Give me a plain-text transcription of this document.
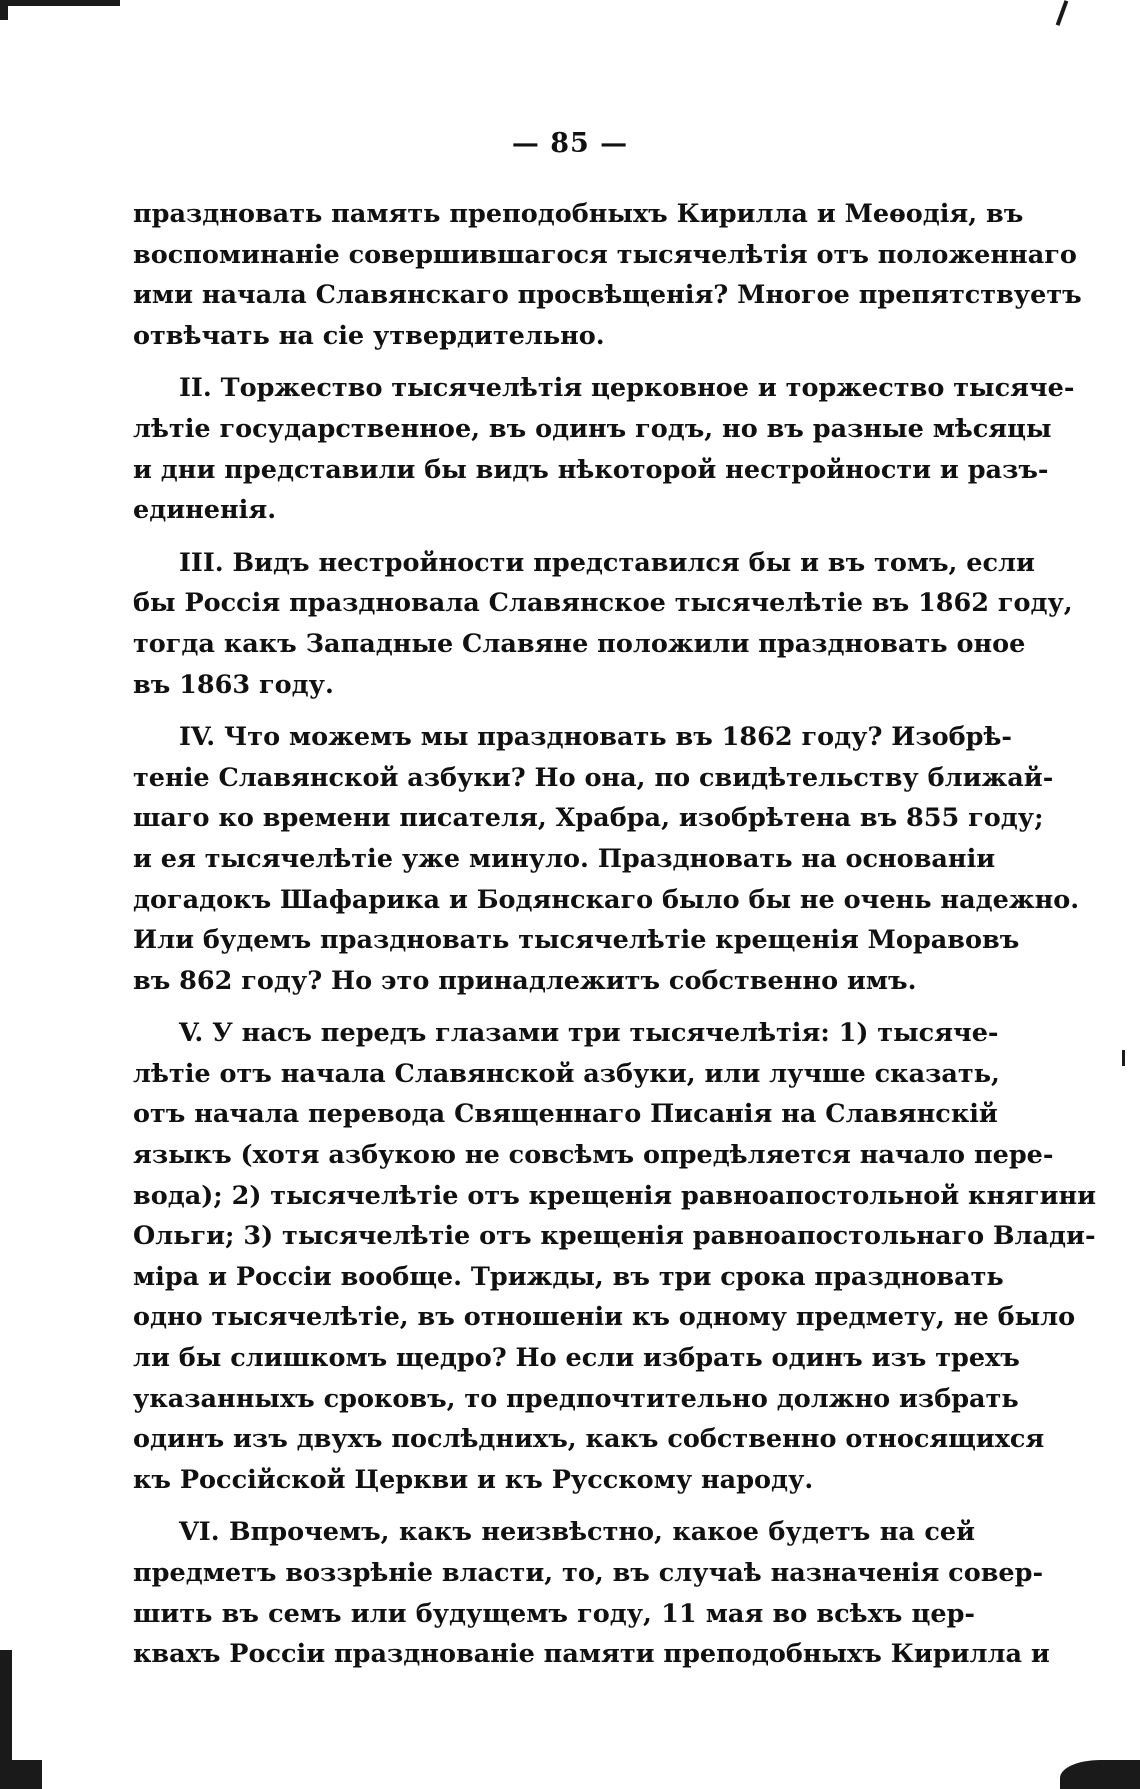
— 85 —
праздновать память преподобныхъ Кирилла и Меѳодія, въ
воспоминаніе совершившагося тысячелѣтія отъ положеннаго
ими начала Славянскаго просвѣщенія? Многое препятствуетъ
отвѣчать на сіе утвердительно.
II. Торжество тысячелѣтія церковное и торжество тысяче-
лѣтіе государственное, въ одинъ годъ, но въ разные мѣсяцы
и дни представили бы видъ нѣкоторой нестройности и разъ-
единенія.
III. Видъ нестройности представился бы и въ томъ, если
бы Россія праздновала Славянское тысячелѣтіе въ 1862 году,
тогда какъ Западные Славяне положили праздновать оное
въ 1863 году.
IV. Что можемъ мы праздновать въ 1862 году? Изобрѣ-
теніе Славянской азбуки? Но она, по свидѣтельству ближай-
шаго ко времени писателя, Храбра, изобрѣтена въ 855 году;
и ея тысячелѣтіе уже минуло. Праздновать на основаніи
догадокъ Шафарика и Бодянскаго было бы не очень надежно.
Или будемъ праздновать тысячелѣтіе крещенія Моравовъ
въ 862 году? Но это принадлежитъ собственно имъ.
V. У насъ передъ глазами три тысячелѣтія: 1) тысяче-
лѣтіе отъ начала Славянской азбуки, или лучше сказать,
отъ начала перевода Священнаго Писанія на Славянскій
языкъ (хотя азбукою не совсѣмъ опредѣляется начало пере-
вода); 2) тысячелѣтіе отъ крещенія равноапостольной княгини
Ольги; 3) тысячелѣтіе отъ крещенія равноапостольнаго Влади-
міра и Россіи вообще. Трижды, въ три срока праздновать
одно тысячелѣтіе, въ отношеніи къ одному предмету, не было
ли бы слишкомъ щедро? Но если избрать одинъ изъ трехъ
указанныхъ сроковъ, то предпочтительно должно избрать
одинъ изъ двухъ послѣднихъ, какъ собственно относящихся
къ Россійской Церкви и къ Русскому народу.
VI. Впрочемъ, какъ неизвѣстно, какое будетъ на сей
предметъ воззрѣніе власти, то, въ случаѣ назначенія совер-
шить въ семъ или будущемъ году, 11 мая во всѣхъ цер-
квахъ Россіи празднованіе памяти преподобныхъ Кирилла и
